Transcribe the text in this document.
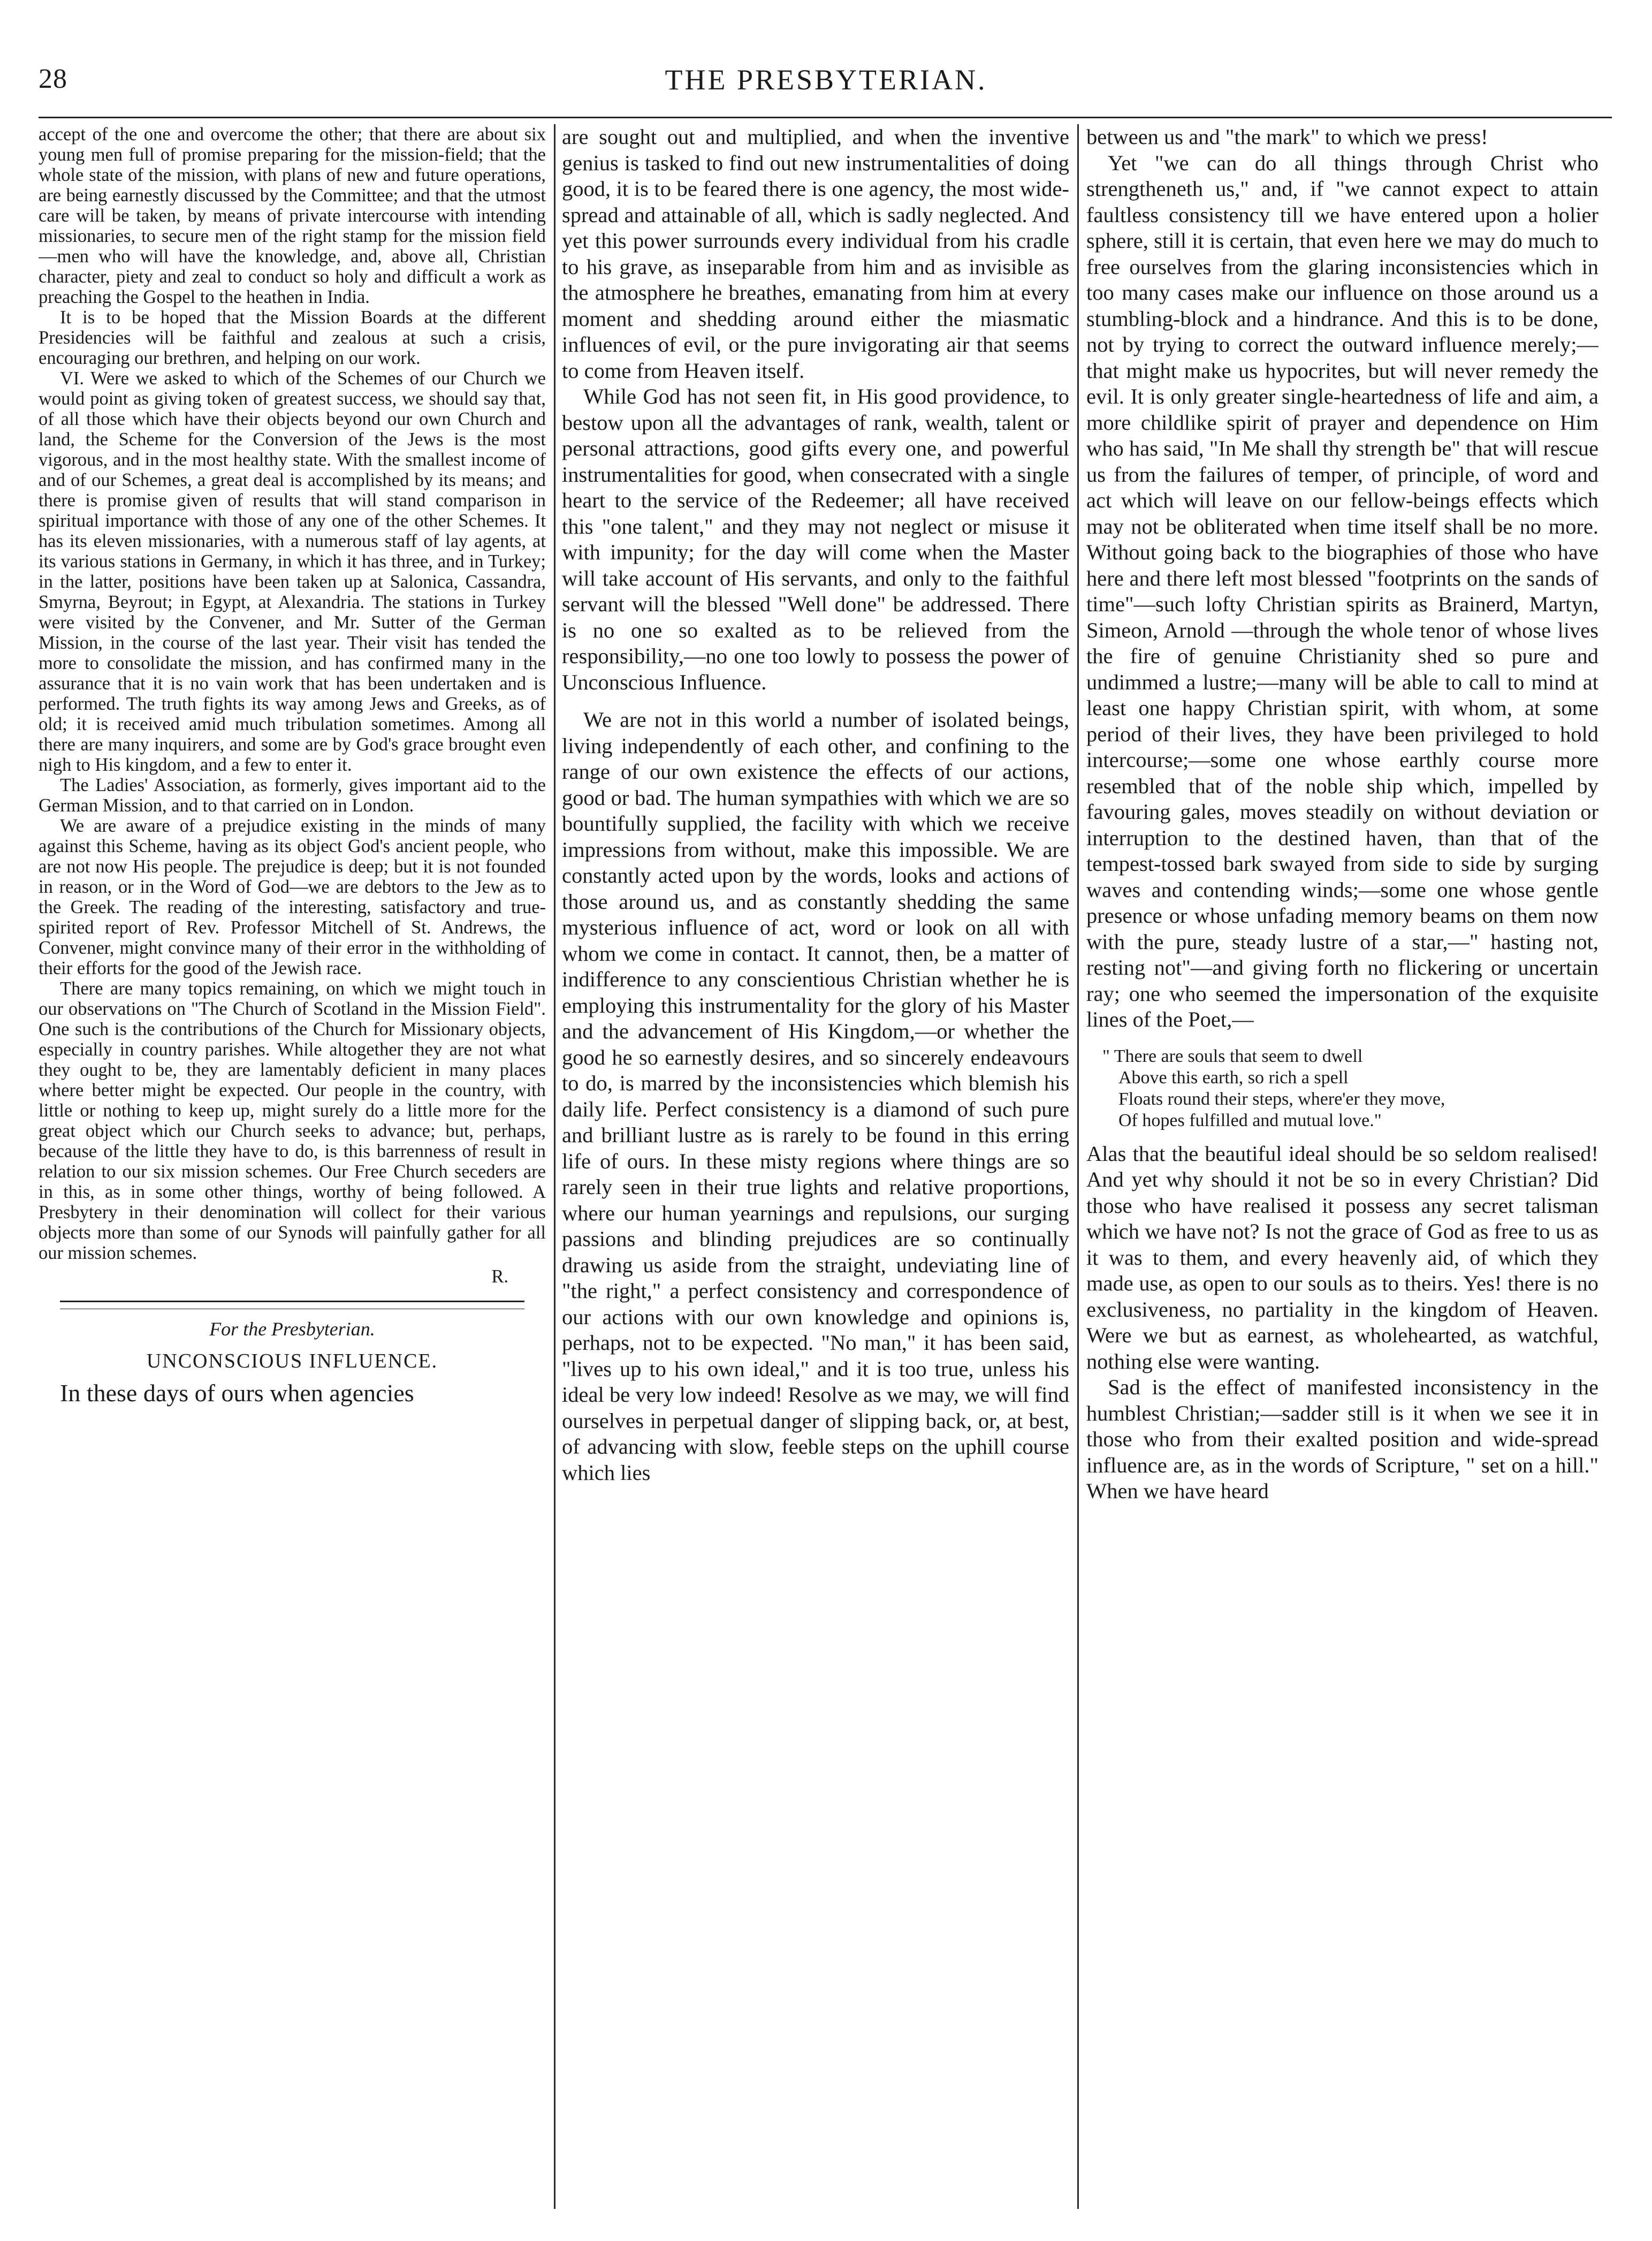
28	THE PRESBYTERIAN.

accept of the one and overcome the other; that there are about six young men full of promise preparing for the mission-field; that the whole state of the mission, with plans of new and future operations, are being earnestly discussed by the Committee; and that the utmost care will be taken, by means of private intercourse with intending missionaries, to secure men of the right stamp for the mission field—men who will have the knowledge, and, above all, Christian character, piety and zeal to conduct so holy and difficult a work as preaching the Gospel to the heathen in India.

It is to be hoped that the Mission Boards at the different Presidencies will be faithful and zealous at such a crisis, encouraging our brethren, and helping on our work.

VI. Were we asked to which of the Schemes of our Church we would point as giving token of greatest success, we should say that, of all those which have their objects beyond our own Church and land, the Scheme for the Conversion of the Jews is the most vigorous, and in the most healthy state. With the smallest income of and of our Schemes, a great deal is accomplished by its means; and there is promise given of results that will stand comparison in spiritual importance with those of any one of the other Schemes. It has its eleven missionaries, with a numerous staff of lay agents, at its various stations in Germany, in which it has three, and in Turkey; in the latter, positions have been taken up at Salonica, Cassandra, Smyrna, Beyrout; in Egypt, at Alexandria. The stations in Turkey were visited by the Convener, and Mr. Sutter of the German Mission, in the course of the last year. Their visit has tended the more to consolidate the mission, and has confirmed many in the assurance that it is no vain work that has been undertaken and is performed. The truth fights its way among Jews and Greeks, as of old; it is received amid much tribulation sometimes. Among all there are many inquirers, and some are by God's grace brought even nigh to His kingdom, and a few to enter it.

The Ladies' Association, as formerly, gives important aid to the German Mission, and to that carried on in London.

We are aware of a prejudice existing in the minds of many against this Scheme, having as its object God's ancient people, who are not now His people. The prejudice is deep; but it is not founded in reason, or in the Word of God—we are debtors to the Jew as to the Greek. The reading of the interesting, satisfactory and true-spirited report of Rev. Professor Mitchell of St. Andrews, the Convener, might convince many of their error in the withholding of their efforts for the good of the Jewish race.

There are many topics remaining, on which we might touch in our observations on "The Church of Scotland in the Mission Field". One such is the contributions of the Church for Missionary objects, especially in country parishes. While altogether they are not what they ought to be, they are lamentably deficient in many places where better might be expected. Our people in the country, with little or nothing to keep up, might surely do a little more for the great object which our Church seeks to advance; but, perhaps, because of the little they have to do, is this barrenness of result in relation to our six mission schemes. Our Free Church seceders are in this, as in some other things, worthy of being followed. A Presbytery in their denomination will collect for their various objects more than some of our Synods will painfully gather for all our mission schemes.

R.
For the Presbyterian.
UNCONSCIOUS INFLUENCE.

In these days of ours when agencies

are sought out and multiplied, and when the inventive genius is tasked to find out new instrumentalities of doing good, it is to be feared there is one agency, the most wide-spread and attainable of all, which is sadly neglected. And yet this power surrounds every individual from his cradle to his grave, as inseparable from him and as invisible as the atmosphere he breathes, emanating from him at every moment and shedding around either the miasmatic influences of evil, or the pure invigorating air that seems to come from Heaven itself.

While God has not seen fit, in His good providence, to bestow upon all the advantages of rank, wealth, talent or personal attractions, good gifts every one, and powerful instrumentalities for good, when consecrated with a single heart to the service of the Redeemer; all have received this "one talent," and they may not neglect or misuse it with impunity; for the day will come when the Master will take account of His servants, and only to the faithful servant will the blessed "Well done" be addressed. There is no one so exalted as to be relieved from the responsibility,—no one too lowly to possess the power of Unconscious Influence.

We are not in this world a number of isolated beings, living independently of each other, and confining to the range of our own existence the effects of our actions, good or bad. The human sympathies with which we are so bountifully supplied, the facility with which we receive impressions from without, make this impossible. We are constantly acted upon by the words, looks and actions of those around us, and as constantly shedding the same mysterious influence of act, word or look on all with whom we come in contact. It cannot, then, be a matter of indifference to any conscientious Christian whether he is employing this instrumentality for the glory of his Master and the advancement of His Kingdom,—or whether the good he so earnestly desires, and so sincerely endeavours to do, is marred by the inconsistencies which blemish his daily life. Perfect consistency is a diamond of such pure and brilliant lustre as is rarely to be found in this erring life of ours. In these misty regions where things are so rarely seen in their true lights and relative proportions, where our human yearnings and repulsions, our surging passions and blinding prejudices are so continually drawing us aside from the straight, undeviating line of "the right," a perfect consistency and correspondence of our actions with our own knowledge and opinions is, perhaps, not to be expected. "No man," it has been said, "lives up to his own ideal," and it is too true, unless his ideal be very low indeed! Resolve as we may, we will find ourselves in perpetual danger of slipping back, or, at best, of advancing with slow, feeble steps on the uphill course which lies

between us and "the mark" to which we press!

Yet "we can do all things through Christ who strengtheneth us," and, if "we cannot expect to attain faultless consistency till we have entered upon a holier sphere, still it is certain, that even here we may do much to free ourselves from the glaring inconsistencies which in too many cases make our influence on those around us a stumbling-block and a hindrance. And this is to be done, not by trying to correct the outward influence merely;—that might make us hypocrites, but will never remedy the evil. It is only greater single-heartedness of life and aim, a more childlike spirit of prayer and dependence on Him who has said, "In Me shall thy strength be" that will rescue us from the failures of temper, of principle, of word and act which will leave on our fellow-beings effects which may not be obliterated when time itself shall be no more. Without going back to the biographies of those who have here and there left most blessed "footprints on the sands of time"—such lofty Christian spirits as Brainerd, Martyn, Simeon, Arnold —through the whole tenor of whose lives the fire of genuine Christianity shed so pure and undimmed a lustre;—many will be able to call to mind at least one happy Christian spirit, with whom, at some period of their lives, they have been privileged to hold intercourse;—some one whose earthly course more resembled that of the noble ship which, impelled by favouring gales, moves steadily on without deviation or interruption to the destined haven, than that of the tempest-tossed bark swayed from side to side by surging waves and contending winds;—some one whose gentle presence or whose unfading memory beams on them now with the pure, steady lustre of a star,—" hasting not, resting not"—and giving forth no flickering or uncertain ray; one who seemed the impersonation of the exquisite lines of the Poet,—

" There are souls that seem to dwell
Above this earth, so rich a spell
Floats round their steps, where'er they move,
Of hopes fulfilled and mutual love."

Alas that the beautiful ideal should be so seldom realised! And yet why should it not be so in every Christian? Did those who have realised it possess any secret talisman which we have not? Is not the grace of God as free to us as it was to them, and every heavenly aid, of which they made use, as open to our souls as to theirs. Yes! there is no exclusiveness, no partiality in the kingdom of Heaven. Were we but as earnest, as wholehearted, as watchful, nothing else were wanting.

Sad is the effect of manifested inconsistency in the humblest Christian;—sadder still is it when we see it in those who from their exalted position and wide-spread influence are, as in the words of Scripture, " set on a hill." When we have heard
